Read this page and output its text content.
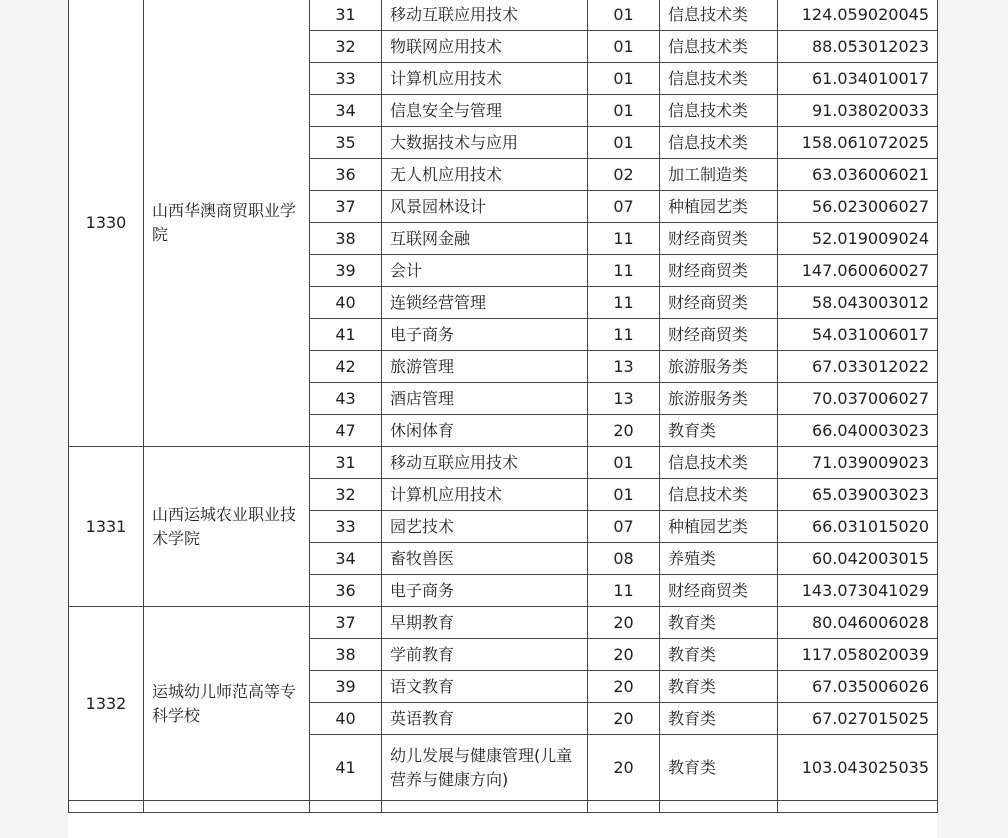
1330	山西华澳商贸职业学院	31	移动互联应用技术	01	信息技术类	124.059020045
		32	物联网应用技术	01	信息技术类	88.053012023
		33	计算机应用技术	01	信息技术类	61.034010017
		34	信息安全与管理	01	信息技术类	91.038020033
		35	大数据技术与应用	01	信息技术类	158.061072025
		36	无人机应用技术	02	加工制造类	63.036006021
		37	风景园林设计	07	种植园艺类	56.023006027
		38	互联网金融	11	财经商贸类	52.019009024
		39	会计	11	财经商贸类	147.060060027
		40	连锁经营管理	11	财经商贸类	58.043003012
		41	电子商务	11	财经商贸类	54.031006017
		42	旅游管理	13	旅游服务类	67.033012022
		43	酒店管理	13	旅游服务类	70.037006027
		47	休闲体育	20	教育类	66.040003023
1331	山西运城农业职业技术学院	31	移动互联应用技术	01	信息技术类	71.039009023
		32	计算机应用技术	01	信息技术类	65.039003023
		33	园艺技术	07	种植园艺类	66.031015020
		34	畜牧兽医	08	养殖类	60.042003015
		36	电子商务	11	财经商贸类	143.073041029
1332	运城幼儿师范高等专科学校	37	早期教育	20	教育类	80.046006028
		38	学前教育	20	教育类	117.058020039
		39	语文教育	20	教育类	67.035006026
		40	英语教育	20	教育类	67.027015025
		41	幼儿发展与健康管理(儿童营养与健康方向)	20	教育类	103.043025035
